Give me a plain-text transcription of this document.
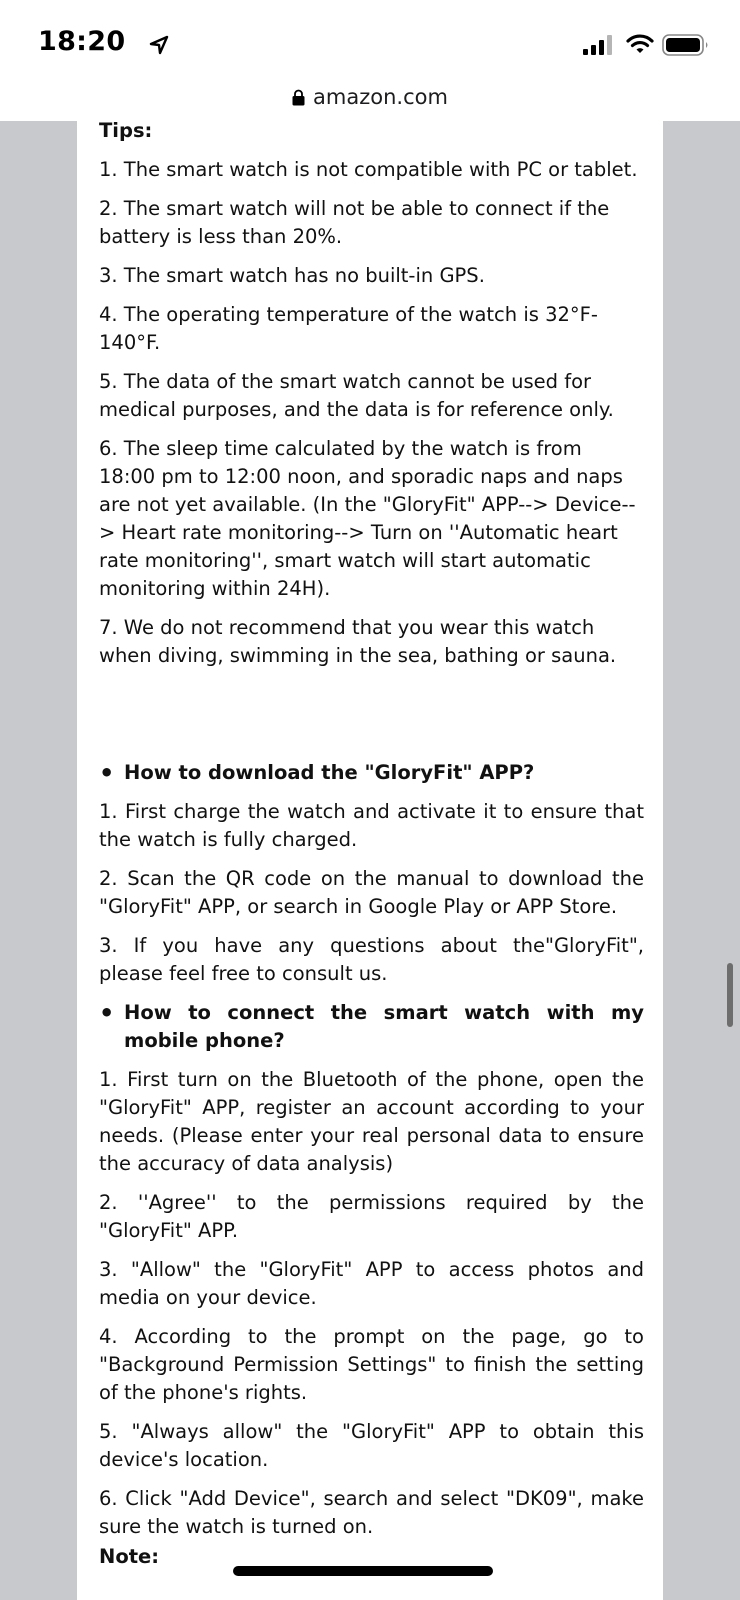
18:20
amazon.com
Tips:
1. The smart watch is not compatible with PC or tablet.
2. The smart watch will not be able to connect if the battery is less than 20%.
3. The smart watch has no built-in GPS.
4. The operating temperature of the watch is 32°F-140°F.
5. The data of the smart watch cannot be used for medical purposes, and the data is for reference only.
6. The sleep time calculated by the watch is from 18:00 pm to 12:00 noon, and sporadic naps and naps are not yet available. (In the "GloryFit" APP--> Device--> Heart rate monitoring--> Turn on ''Automatic heart rate monitoring'', smart watch will start automatic monitoring within 24H).
7. We do not recommend that you wear this watch when diving, swimming in the sea, bathing or sauna.
• How to download the "GloryFit" APP?
1. First charge the watch and activate it to ensure that the watch is fully charged.
2. Scan the QR code on the manual to download the "GloryFit" APP, or search in Google Play or APP Store.
3. If you have any questions about the"GloryFit", please feel free to consult us.
• How to connect the smart watch with my mobile phone?
1. First turn on the Bluetooth of the phone, open the "GloryFit" APP, register an account according to your needs. (Please enter your real personal data to ensure the accuracy of data analysis)
2. ''Agree'' to the permissions required by the "GloryFit" APP.
3. "Allow" the "GloryFit" APP to access photos and media on your device.
4. According to the prompt on the page, go to "Background Permission Settings" to finish the setting of the phone's rights.
5. "Always allow" the "GloryFit" APP to obtain this device's location.
6. Click "Add Device", search and select "DK09", make sure the watch is turned on.
Note:
